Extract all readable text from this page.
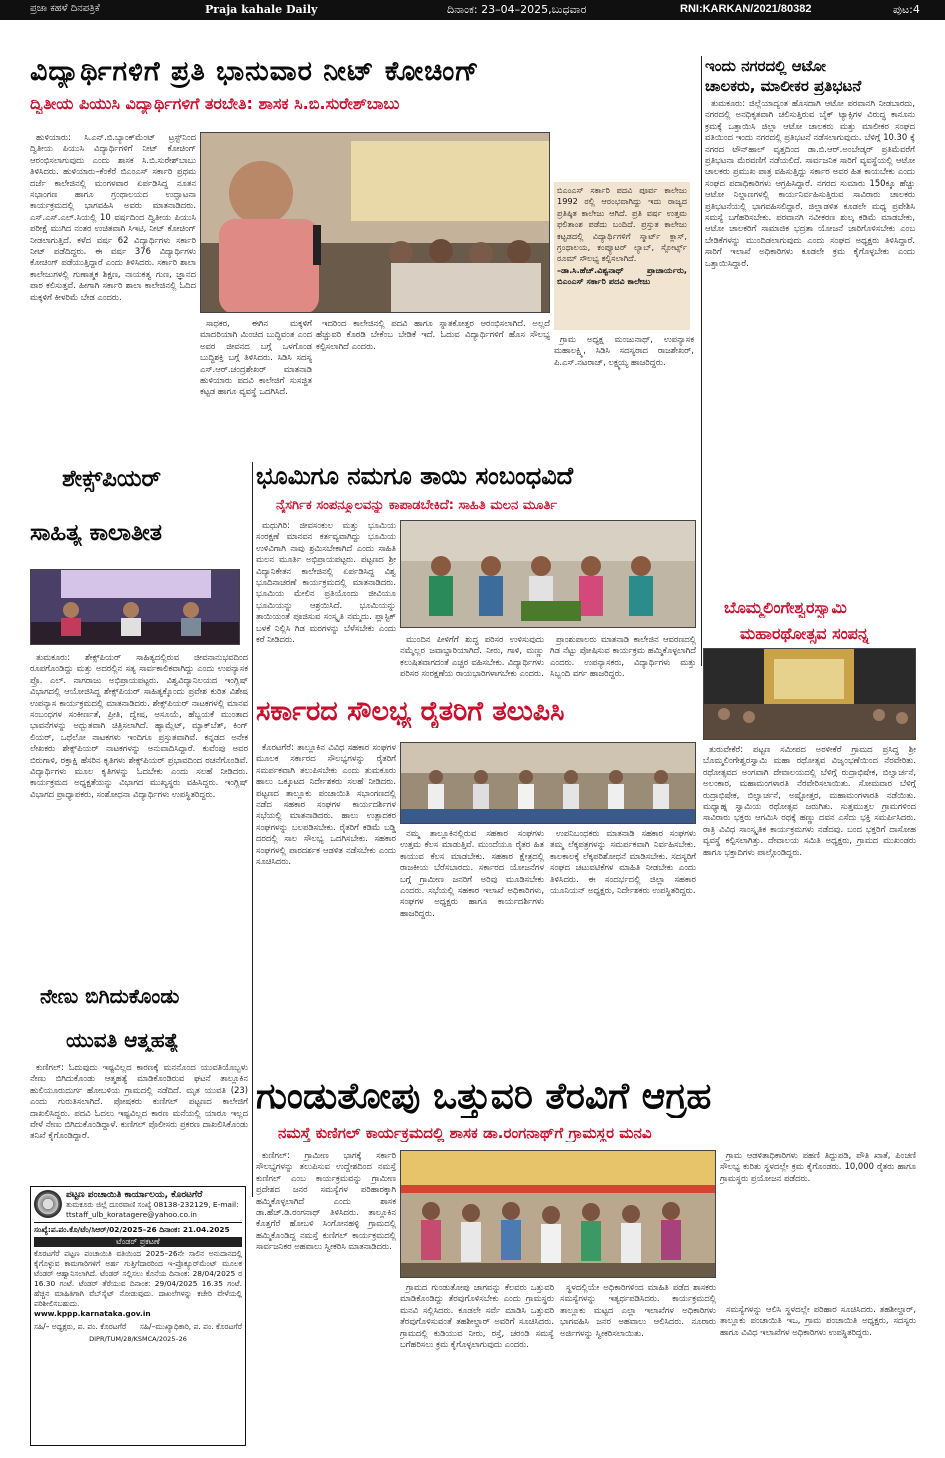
ಪ್ರಜಾ ಕಹಳೆ ದಿನಪತ್ರಿಕೆ	Praja kahale Daily	ದಿನಾಂಕ: 23–04–2025,ಬುಧವಾರ	RNI:KARKAN/2021/80382	ಪುಟ:4
ವಿದ್ಯಾರ್ಥಿಗಳಿಗೆ ಪ್ರತಿ ಭಾನುವಾರ ನೀಟ್ ಕೋಚಿಂಗ್
ದ್ವಿತೀಯ ಪಿಯುಸಿ ವಿದ್ಯಾರ್ಥಿಗಳಿಗೆ ತರಬೇತಿ: ಶಾಸಕ ಸಿ.ಬಿ.ಸುರೇಶ್‌ಬಾಬು

ಹುಳಿಯಾರು: ಸಿ.ಎನ್.ಬಿ.ಬ್ಯಾಂಕ್‌ಮೆಂಟ್ ಟ್ರಸ್ಟ್‌ನಿಂದ ದ್ವಿತೀಯ ಪಿಯುಸಿ ವಿದ್ಯಾರ್ಥಿಗಳಿಗೆ ನೀಟ್ ಕೋಚಿಂಗ್ ಆರಂಭಿಸಲಾಗುವುದು ಎಂದು ಶಾಸಕ ಸಿ.ಬಿ.ಸುರೇಶ್‌ಬಾಬು ತಿಳಿಸಿದರು. ಹುಳಿಯಾರು–ಕೆಂಕೆರೆ ಬಿಎಂಎಸ್ ಸರ್ಕಾರಿ ಪ್ರಥಮ ದರ್ಜೆ ಕಾಲೇಜಿನಲ್ಲಿ ಮಂಗಳವಾರ ಏರ್ಪಡಿಸಿದ್ದ ನೂತನ ಸಭಾಂಗಣ ಹಾಗೂ ಗ್ರಂಥಾಲಯದ ಉದ್ಘಾಟನಾ ಕಾರ್ಯಕ್ರಮದಲ್ಲಿ ಭಾಗವಹಿಸಿ ಅವರು ಮಾತನಾಡಿದರು. ಎಸ್.ಎಸ್.ಎಲ್.ಸಿಯಲ್ಲಿ 10 ವರ್ಷದಿಂದ ದ್ವಿತೀಯ ಪಿಯುಸಿ ಪರೀಕ್ಷೆ ಮುಗಿದ ನಂತರ ಉಚಿತವಾಗಿ ಸಿಇಟಿ, ನೀಟ್ ಕೋಚಿಂಗ್ ನೀಡಲಾಗುತ್ತಿದೆ. ಕಳೆದ ವರ್ಷ 62 ವಿದ್ಯಾರ್ಥಿಗಳು ಸರ್ಕಾರಿ ನೀಟ್ ಪಡೆದಿದ್ದರು. ಈ ವರ್ಷ 376 ವಿದ್ಯಾರ್ಥಿಗಳು ಕೋಚಿಂಗ್ ಪಡೆಯುತ್ತಿದ್ದಾರೆ ಎಂದು ತಿಳಿಸಿದರು. ಸರ್ಕಾರಿ ಶಾಲಾ ಕಾಲೇಜುಗಳಲ್ಲಿ ಗುಣಾತ್ಮಕ ಶಿಕ್ಷಣ, ನಾಯಕತ್ವ ಗುಣ, ಜ್ಞಾನದ ಪಾಠ ಕಲಿಸುತ್ತವೆ. ಹೀಗಾಗಿ ಸರ್ಕಾರಿ ಶಾಲಾ ಕಾಲೇಜಿನಲ್ಲಿ ಓದಿದ ಮಕ್ಕಳಿಗೆ ಕೀಳರಿಮೆ ಬೇಡ ಎಂದರು.

ಸಾಧಕರ, ಈಗಿನ ಮಕ್ಕಳಿಗೆ ಮಾದರಿಯಾಗಿ ಮಿಂಚಿದ ಬುದ್ಧಿವಂತ ಎಂದ ಅವರ ಜೀವನದ ಬಗ್ಗೆ ಒಳಗೊಂಡ ಬುದ್ಧಿಶಕ್ತಿ ಬಗ್ಗೆ ತಿಳಿಸಿದರು. ಸಿಡಿಸಿ ಸದಸ್ಯ ಎಸ್.ಆರ್.ಚಂದ್ರಶೇಖರ್ ಮಾತನಾಡಿ ಹುಳಿಯಾರು ಪದವಿ ಕಾಲೇಜಿಗೆ ಸುಸಜ್ಜಿತ ಕಟ್ಟಡ ಹಾಗೂ ವ್ಯವಸ್ಥೆ ಒದಗಿಸಿದೆ.

ಇದರಿಂದ ಕಾಲೇಜಿನಲ್ಲಿ ಪದವಿ ಹಾಗೂ ಸ್ನಾತಕೋತ್ತರ ಆರಂಭಿಸಲಾಗಿದೆ. ಅಲ್ಲದೆ ಹೆಚ್ಚುವರಿ ಕೊಠಡಿ ಬೇಕೆಂಬ ಬೇಡಿಕೆ ಇದೆ. ಓದುವ ವಿದ್ಯಾರ್ಥಿಗಳಿಗೆ ಹೊಸ ಸೌಲಭ್ಯ ಕಲ್ಪಿಸಲಾಗಿದೆ ಎಂದರು.

ಬಿಎಂಎಸ್ ಸರ್ಕಾರಿ ಪದವಿ ಪೂರ್ವ ಕಾಲೇಜು 1992 ರಲ್ಲಿ ಆರಂಭವಾಗಿದ್ದು ಇದು ರಾಜ್ಯದ ಪ್ರತಿಷ್ಠಿತ ಕಾಲೇಜು ಆಗಿದೆ. ಪ್ರತಿ ವರ್ಷ ಉತ್ತಮ ಫಲಿತಾಂಶ ಪಡೆದು ಬಂದಿದೆ. ಪ್ರಸ್ತುತ ಕಾಲೇಜು ಕಟ್ಟಡದಲ್ಲಿ ವಿದ್ಯಾರ್ಥಿಗಳಿಗೆ ಸ್ಮಾರ್ಟ್ ಕ್ಲಾಸ್, ಗ್ರಂಥಾಲಯ, ಕಂಪ್ಯೂಟರ್ ಲ್ಯಾಬ್, ಸ್ಪೋರ್ಟ್ಸ್ ರೂಮ್ ಸೌಲಭ್ಯ ಕಲ್ಪಿಸಲಾಗಿದೆ.
–ಡಾ.ಸಿ.ಹೆಚ್.ವಿಶ್ವನಾಥ್ ಪ್ರಾಚಾರ್ಯರು, ಬಿಎಂಎಸ್ ಸರ್ಕಾರಿ ಪದವಿ ಕಾಲೇಜು

ಗ್ರಾಮ ಅಧ್ಯಕ್ಷ ಮಂಜುನಾಥ್, ಉಪನ್ಯಾಸಕ ಮಹಾಲಕ್ಷ್ಮಿ, ಸಿಡಿಸಿ ಸದಸ್ಯರಾದ ರಾಜಶೇಖರ್, ಪಿ.ಎಸ್.ನಟರಾಜ್, ಲಕ್ಷ್ಮಯ್ಯ ಹಾಜರಿದ್ದರು.

ಇಂದು ನಗರದಲ್ಲಿ ಆಟೋ
ಚಾಲಕರು, ಮಾಲೀಕರ ಪ್ರತಿಭಟನೆ

ತುಮಕೂರು: ಜಿಲ್ಲೆಯಾದ್ಯಂತ ಹೊಸದಾಗಿ ಆಟೋ ಪರವಾನಗಿ ನೀಡಬಾರದು, ನಗರದಲ್ಲಿ ಅನಧಿಕೃತವಾಗಿ ಚಲಿಸುತ್ತಿರುವ ಬೈಕ್ ಟ್ಯಾಕ್ಸಿಗಳ ವಿರುದ್ಧ ಕಾನೂನು ಕ್ರಮಕ್ಕೆ ಒತ್ತಾಯಿಸಿ ಜಿಲ್ಲಾ ಆಟೋ ಚಾಲಕರು ಮತ್ತು ಮಾಲೀಕರ ಸಂಘದ ವತಿಯಿಂದ ಇಂದು ನಗರದಲ್ಲಿ ಪ್ರತಿಭಟನೆ ನಡೆಸಲಾಗುವುದು. ಬೆಳಿಗ್ಗೆ 10.30 ಕ್ಕೆ ನಗರದ ಟೌನ್‌ಹಾಲ್ ವೃತ್ತದಿಂದ ಡಾ.ಬಿ.ಆರ್.ಅಂಬೇಡ್ಕರ್ ಪ್ರತಿಮೆವರೆಗೆ ಪ್ರತಿಭಟನಾ ಮೆರವಣಿಗೆ ನಡೆಯಲಿದೆ. ಸಾರ್ವಜನಿಕ ಸಾರಿಗೆ ವ್ಯವಸ್ಥೆಯಲ್ಲಿ ಆಟೋ ಚಾಲಕರು ಪ್ರಮುಖ ಪಾತ್ರ ವಹಿಸುತ್ತಿದ್ದು ಸರ್ಕಾರ ಅವರ ಹಿತ ಕಾಯಬೇಕು ಎಂದು ಸಂಘದ ಪದಾಧಿಕಾರಿಗಳು ಆಗ್ರಹಿಸಿದ್ದಾರೆ. ನಗರದ ಸುಮಾರು 150ಕ್ಕೂ ಹೆಚ್ಚು ಆಟೋ ನಿಲ್ದಾಣಗಳಲ್ಲಿ ಕಾರ್ಯನಿರ್ವಹಿಸುತ್ತಿರುವ ಸಾವಿರಾರು ಚಾಲಕರು ಪ್ರತಿಭಟನೆಯಲ್ಲಿ ಭಾಗವಹಿಸಲಿದ್ದಾರೆ. ಜಿಲ್ಲಾಡಳಿತ ಕೂಡಲೇ ಮಧ್ಯ ಪ್ರವೇಶಿಸಿ ಸಮಸ್ಯೆ ಬಗೆಹರಿಸಬೇಕು. ಪರವಾನಗಿ ನವೀಕರಣ ಶುಲ್ಕ ಕಡಿಮೆ ಮಾಡಬೇಕು, ಆಟೋ ಚಾಲಕರಿಗೆ ಸಾಮಾಜಿಕ ಭದ್ರತಾ ಯೋಜನೆ ಜಾರಿಗೊಳಿಸಬೇಕು ಎಂಬ ಬೇಡಿಕೆಗಳನ್ನು ಮುಂದಿಡಲಾಗುವುದು ಎಂದು ಸಂಘದ ಅಧ್ಯಕ್ಷರು ತಿಳಿಸಿದ್ದಾರೆ. ಸಾರಿಗೆ ಇಲಾಖೆ ಅಧಿಕಾರಿಗಳು ಕೂಡಲೇ ಕ್ರಮ ಕೈಗೊಳ್ಳಬೇಕು ಎಂದು ಒತ್ತಾಯಿಸಿದ್ದಾರೆ.

ಶೇಕ್ಸ್‌ಪಿಯರ್
ಸಾಹಿತ್ಯ ಕಾಲಾತೀತ

ತುಮಕೂರು: ಶೇಕ್ಸ್‌ಪಿಯರ್ ಸಾಹಿತ್ಯದಲ್ಲಿರುವ ಜೀವನಾನುಭವದಿಂದ ರೂಪಗೊಂಡಿದ್ದು ಮತ್ತು ಅದರಲ್ಲಿನ ಸತ್ಯ ಸಾರ್ವಕಾಲಿಕವಾಗಿದ್ದು ಎಂದು ಉಪನ್ಯಾಸಕ ಪ್ರೊ. ಎಲ್. ನಾಗರಾಜು ಅಭಿಪ್ರಾಯಪಟ್ಟರು. ವಿಶ್ವವಿದ್ಯಾನಿಲಯದ ಇಂಗ್ಲಿಷ್ ವಿಭಾಗದಲ್ಲಿ ಆಯೋಜಿಸಿದ್ದ ಶೇಕ್ಸ್‌ಪಿಯರ್ ಸಾಹಿತ್ಯಕ್ಕೊಂದು ಪ್ರವೇಶ ಕುರಿತ ವಿಶೇಷ ಉಪನ್ಯಾಸ ಕಾರ್ಯಕ್ರಮದಲ್ಲಿ ಮಾತನಾಡಿದರು. ಶೇಕ್ಸ್‌ಪಿಯರ್ ನಾಟಕಗಳಲ್ಲಿ ಮಾನವ ಸಂಬಂಧಗಳ ಸಂಕೀರ್ಣತೆ, ಪ್ರೀತಿ, ದ್ವೇಷ, ಅಸೂಯೆ, ಹೆಬ್ಬಯಕೆ ಮುಂತಾದ ಭಾವನೆಗಳನ್ನು ಅದ್ಭುತವಾಗಿ ಚಿತ್ರಿಸಲಾಗಿದೆ. ಹ್ಯಾಮ್ಲೆಟ್, ಮ್ಯಾಕ್‌ಬೆತ್, ಕಿಂಗ್ ಲಿಯರ್, ಒಥೆಲೋ ನಾಟಕಗಳು ಇಂದಿಗೂ ಪ್ರಸ್ತುತವಾಗಿವೆ. ಕನ್ನಡದ ಅನೇಕ ಲೇಖಕರು ಶೇಕ್ಸ್‌ಪಿಯರ್ ನಾಟಕಗಳನ್ನು ಅನುವಾದಿಸಿದ್ದಾರೆ. ಕುವೆಂಪು ಅವರ ಬಿರುಗಾಳಿ, ರಕ್ತಾಕ್ಷಿ ಹೆಸರಿನ ಕೃತಿಗಳು ಶೇಕ್ಸ್‌ಪಿಯರ್ ಪ್ರಭಾವದಿಂದ ರಚನೆಗೊಂಡಿವೆ. ವಿದ್ಯಾರ್ಥಿಗಳು ಮೂಲ ಕೃತಿಗಳನ್ನು ಓದಬೇಕು ಎಂದು ಸಲಹೆ ನೀಡಿದರು. ಕಾರ್ಯಕ್ರಮದ ಅಧ್ಯಕ್ಷತೆಯನ್ನು ವಿಭಾಗದ ಮುಖ್ಯಸ್ಥರು ವಹಿಸಿದ್ದರು. ಇಂಗ್ಲಿಷ್ ವಿಭಾಗದ ಪ್ರಾಧ್ಯಾಪಕರು, ಸಂಶೋಧನಾ ವಿದ್ಯಾರ್ಥಿಗಳು ಉಪಸ್ಥಿತರಿದ್ದರು.

ಭೂಮಿಗೂ ನಮಗೂ ತಾಯಿ ಸಂಬಂಧವಿದೆ
ನೈಸರ್ಗಿಕ ಸಂಪನ್ಮೂಲವನ್ನು ಕಾಪಾಡಬೇಕಿದೆ: ಸಾಹಿತಿ ಮಲನ ಮೂರ್ತಿ

ಮಧುಗಿರಿ: ಜೀವಸಂಕುಲ ಮತ್ತು ಭೂಮಿಯ ಸಂರಕ್ಷಣೆ ಮಾನವನ ಕರ್ತವ್ಯವಾಗಿದ್ದು ಭೂಮಿಯ ಉಳಿವಿಗಾಗಿ ನಾವು ಶ್ರಮಿಸಬೇಕಾಗಿದೆ ಎಂದು ಸಾಹಿತಿ ಮಲನ ಮೂರ್ತಿ ಅಭಿಪ್ರಾಯಪಟ್ಟರು. ಪಟ್ಟಣದ ಶ್ರೀ ವಿದ್ಯಾನಿಕೇತನ ಕಾಲೇಜಿನಲ್ಲಿ ಏರ್ಪಡಿಸಿದ್ದ ವಿಶ್ವ ಭೂದಿನಾಚರಣೆ ಕಾರ್ಯಕ್ರಮದಲ್ಲಿ ಮಾತನಾಡಿದರು. ಭೂಮಿಯ ಮೇಲಿನ ಪ್ರತಿಯೊಂದು ಜೀವಿಯೂ ಭೂಮಿಯನ್ನು ಆಶ್ರಯಿಸಿದೆ. ಭೂಮಿಯನ್ನು ತಾಯಿಯಂತೆ ಪೂಜಿಸುವ ಸಂಸ್ಕೃತಿ ನಮ್ಮದು. ಪ್ಲಾಸ್ಟಿಕ್ ಬಳಕೆ ನಿಲ್ಲಿಸಿ ಗಿಡ ಮರಗಳನ್ನು ಬೆಳೆಸಬೇಕು ಎಂದು ಕರೆ ನೀಡಿದರು.	ಮುಂದಿನ ಪೀಳಿಗೆಗೆ ಶುದ್ಧ ಪರಿಸರ ಉಳಿಸುವುದು ನಮ್ಮೆಲ್ಲರ ಜವಾಬ್ದಾರಿಯಾಗಿದೆ. ನೀರು, ಗಾಳಿ, ಮಣ್ಣು ಕಲುಷಿತವಾಗದಂತೆ ಎಚ್ಚರ ವಹಿಸಬೇಕು. ವಿದ್ಯಾರ್ಥಿಗಳು ಪರಿಸರ ಸಂರಕ್ಷಣೆಯ ರಾಯಭಾರಿಗಳಾಗಬೇಕು ಎಂದರು.

ಪ್ರಾಂಶುಪಾಲರು ಮಾತನಾಡಿ ಕಾಲೇಜಿನ ಆವರಣದಲ್ಲಿ ಗಿಡ ನೆಟ್ಟು ಪೋಷಿಸುವ ಕಾರ್ಯಕ್ರಮ ಹಮ್ಮಿಕೊಳ್ಳಲಾಗಿದೆ ಎಂದರು. ಉಪನ್ಯಾಸಕರು, ವಿದ್ಯಾರ್ಥಿಗಳು ಮತ್ತು ಸಿಬ್ಬಂದಿ ವರ್ಗ ಹಾಜರಿದ್ದರು.

ಬೊಮ್ಮಲಿಂಗೇಶ್ವರಸ್ವಾಮಿ
ಮಹಾರಥೋತ್ಸವ ಸಂಪನ್ನ

ತುರುವೇಕೆರೆ: ಪಟ್ಟಣ ಸಮೀಪದ ಅರಳೀಕೆರೆ ಗ್ರಾಮದ ಪ್ರಸಿದ್ಧ ಶ್ರೀ ಬೊಮ್ಮಲಿಂಗೇಶ್ವರಸ್ವಾಮಿ ಮಹಾ ರಥೋತ್ಸವ ವಿಜೃಂಭಣೆಯಿಂದ ನೆರವೇರಿತು. ರಥೋತ್ಸವದ ಅಂಗವಾಗಿ ದೇವಾಲಯದಲ್ಲಿ ಬೆಳಿಗ್ಗೆ ರುದ್ರಾಭಿಷೇಕ, ಬಿಲ್ವಾರ್ಚನೆ, ಅಲಂಕಾರ, ಮಹಾಮಂಗಳಾರತಿ ನೆರವೇರಿಸಲಾಯಿತು. ಸೋಮವಾರ ಬೆಳಿಗ್ಗೆ ರುದ್ರಾಭಿಷೇಕ, ಬಿಲ್ವಾರ್ಚನೆ, ಅಷ್ಟೋತ್ತರ, ಮಹಾಮಂಗಳಾರತಿ ನಡೆಯಿತು. ಮಧ್ಯಾಹ್ನ ಸ್ವಾಮಿಯ ರಥೋತ್ಸವ ಜರುಗಿತು. ಸುತ್ತಮುತ್ತಲ ಗ್ರಾಮಗಳಿಂದ ಸಾವಿರಾರು ಭಕ್ತರು ಆಗಮಿಸಿ ರಥಕ್ಕೆ ಹಣ್ಣು ದವನ ಎಸೆದು ಭಕ್ತಿ ಸಮರ್ಪಿಸಿದರು. ರಾತ್ರಿ ವಿವಿಧ ಸಾಂಸ್ಕೃತಿಕ ಕಾರ್ಯಕ್ರಮಗಳು ನಡೆದವು. ಬಂದ ಭಕ್ತರಿಗೆ ದಾಸೋಹ ವ್ಯವಸ್ಥೆ ಕಲ್ಪಿಸಲಾಗಿತ್ತು. ದೇವಾಲಯ ಸಮಿತಿ ಅಧ್ಯಕ್ಷರು, ಗ್ರಾಮದ ಮುಖಂಡರು ಹಾಗೂ ಭಕ್ತಾದಿಗಳು ಪಾಲ್ಗೊಂಡಿದ್ದರು.

ಸರ್ಕಾರದ ಸೌಲಭ್ಯ ರೈತರಿಗೆ ತಲುಪಿಸಿ

ಕೊರಟಗೆರೆ: ತಾಲ್ಲೂಕಿನ ವಿವಿಧ ಸಹಕಾರ ಸಂಘಗಳ ಮೂಲಕ ಸರ್ಕಾರದ ಸೌಲಭ್ಯಗಳನ್ನು ರೈತರಿಗೆ ಸಮರ್ಪಕವಾಗಿ ತಲುಪಿಸಬೇಕು ಎಂದು ತುಮಕೂರು ಹಾಲು ಒಕ್ಕೂಟದ ನಿರ್ದೇಶಕರು ಸಲಹೆ ನೀಡಿದರು. ಪಟ್ಟಣದ ತಾಲ್ಲೂಕು ಪಂಚಾಯಿತಿ ಸಭಾಂಗಣದಲ್ಲಿ ನಡೆದ ಸಹಕಾರ ಸಂಘಗಳ ಕಾರ್ಯದರ್ಶಿಗಳ ಸಭೆಯಲ್ಲಿ ಮಾತನಾಡಿದರು. ಹಾಲು ಉತ್ಪಾದಕರ ಸಂಘಗಳನ್ನು ಬಲಪಡಿಸಬೇಕು. ರೈತರಿಗೆ ಕಡಿಮೆ ಬಡ್ಡಿ ದರದಲ್ಲಿ ಸಾಲ ಸೌಲಭ್ಯ ಒದಗಿಸಬೇಕು. ಸಹಕಾರ ಸಂಘಗಳಲ್ಲಿ ಪಾರದರ್ಶಕ ಆಡಳಿತ ನಡೆಸಬೇಕು ಎಂದು ಸೂಚಿಸಿದರು.

ನಮ್ಮ ತಾಲ್ಲೂಕಿನಲ್ಲಿರುವ ಸಹಕಾರ ಸಂಘಗಳು ಉತ್ತಮ ಕೆಲಸ ಮಾಡುತ್ತಿವೆ. ಮುಂದೆಯೂ ರೈತರ ಹಿತ ಕಾಯುವ ಕೆಲಸ ಮಾಡಬೇಕು. ಸಹಕಾರ ಕ್ಷೇತ್ರದಲ್ಲಿ ರಾಜಕೀಯ ಬೆರೆಸಬಾರದು. ಸರ್ಕಾರದ ಯೋಜನೆಗಳ ಬಗ್ಗೆ ಗ್ರಾಮೀಣ ಜನರಿಗೆ ಅರಿವು ಮೂಡಿಸಬೇಕು ಎಂದರು. ಸಭೆಯಲ್ಲಿ ಸಹಕಾರ ಇಲಾಖೆ ಅಧಿಕಾರಿಗಳು, ಸಂಘಗಳ ಅಧ್ಯಕ್ಷರು ಹಾಗೂ ಕಾರ್ಯದರ್ಶಿಗಳು ಹಾಜರಿದ್ದರು.

ಉಪನಿಬಂಧಕರು ಮಾತನಾಡಿ ಸಹಕಾರ ಸಂಘಗಳು ತಮ್ಮ ಲೆಕ್ಕಪತ್ರಗಳನ್ನು ಸಮರ್ಪಕವಾಗಿ ನಿರ್ವಹಿಸಬೇಕು. ಕಾಲಕಾಲಕ್ಕೆ ಲೆಕ್ಕಪರಿಶೋಧನೆ ಮಾಡಿಸಬೇಕು. ಸದಸ್ಯರಿಗೆ ಸಂಘದ ಚಟುವಟಿಕೆಗಳ ಮಾಹಿತಿ ನೀಡಬೇಕು ಎಂದು ತಿಳಿಸಿದರು. ಈ ಸಂದರ್ಭದಲ್ಲಿ ಜಿಲ್ಲಾ ಸಹಕಾರ ಯೂನಿಯನ್ ಅಧ್ಯಕ್ಷರು, ನಿರ್ದೇಶಕರು ಉಪಸ್ಥಿತರಿದ್ದರು.

ನೇಣು ಬಿಗಿದುಕೊಂಡು
ಯುವತಿ ಆತ್ಮಹತ್ಯೆ

ಕುಣಿಗಲ್: ಓದುವುದು ಇಷ್ಟವಿಲ್ಲದ ಕಾರಣಕ್ಕೆ ಮನನೊಂದ ಯುವತಿಯೊಬ್ಬಳು ನೇಣು ಬಿಗಿದುಕೊಂಡು ಆತ್ಮಹತ್ಯೆ ಮಾಡಿಕೊಂಡಿರುವ ಘಟನೆ ತಾಲ್ಲೂಕಿನ ಹುಲಿಯೂರುದುರ್ಗ ಹೋಬಳಿಯ ಗ್ರಾಮದಲ್ಲಿ ನಡೆದಿದೆ. ಮೃತ ಯುವತಿ (23) ಎಂದು ಗುರುತಿಸಲಾಗಿದೆ. ಪೋಷಕರು ಕುಣಿಗಲ್ ಪಟ್ಟಣದ ಕಾಲೇಜಿಗೆ ದಾಖಲಿಸಿದ್ದರು. ಪದವಿ ಓದಲು ಇಷ್ಟವಿಲ್ಲದ ಕಾರಣ ಮನೆಯಲ್ಲಿ ಯಾರೂ ಇಲ್ಲದ ವೇಳೆ ನೇಣು ಬಿಗಿದುಕೊಂಡಿದ್ದಾಳೆ. ಕುಣಿಗಲ್ ಪೊಲೀಸರು ಪ್ರಕರಣ ದಾಖಲಿಸಿಕೊಂಡು ತನಿಖೆ ಕೈಗೊಂಡಿದ್ದಾರೆ.

ಗುಂಡುತೋಪು ಒತ್ತುವರಿ ತೆರವಿಗೆ ಆಗ್ರಹ
ನಮಸ್ತೆ ಕುಣಿಗಲ್ ಕಾರ್ಯಕ್ರಮದಲ್ಲಿ ಶಾಸಕ ಡಾ.ರಂಗನಾಥ್‌ಗೆ ಗ್ರಾಮಸ್ಥರ ಮನವಿ

ಕುಣಿಗಲ್: ಗ್ರಾಮೀಣ ಭಾಗಕ್ಕೆ ಸರ್ಕಾರಿ ಸೌಲಭ್ಯಗಳನ್ನು ತಲುಪಿಸುವ ಉದ್ದೇಶದಿಂದ ನಮಸ್ತೆ ಕುಣಿಗಲ್ ಎಂಬ ಕಾರ್ಯಕ್ರಮವನ್ನು ಗ್ರಾಮೀಣ ಪ್ರದೇಶದ ಜನರ ಸಮಸ್ಯೆಗಳ ಪರಿಹಾರಕ್ಕಾಗಿ ಹಮ್ಮಿಕೊಳ್ಳಲಾಗಿದೆ ಎಂದು ಶಾಸಕ ಡಾ.ಹೆಚ್.ಡಿ.ರಂಗನಾಥ್ ತಿಳಿಸಿದರು. ತಾಲ್ಲೂಕಿನ ಕೊತ್ತಗೆರೆ ಹೋಬಳಿ ಸಿಂಗೋನಹಳ್ಳಿ ಗ್ರಾಮದಲ್ಲಿ ಹಮ್ಮಿಕೊಂಡಿದ್ದ ನಮಸ್ತೆ ಕುಣಿಗಲ್ ಕಾರ್ಯಕ್ರಮದಲ್ಲಿ ಸಾರ್ವಜನಿಕರ ಅಹವಾಲು ಸ್ವೀಕರಿಸಿ ಮಾತನಾಡಿದರು.

ಗ್ರಾಮದ ಗುಂಡುತೋಪು ಜಾಗವನ್ನು ಕೆಲವರು ಒತ್ತುವರಿ ಮಾಡಿಕೊಂಡಿದ್ದು ತೆರವುಗೊಳಿಸಬೇಕು ಎಂದು ಗ್ರಾಮಸ್ಥರು ಮನವಿ ಸಲ್ಲಿಸಿದರು. ಕೂಡಲೇ ಸರ್ವೆ ಮಾಡಿಸಿ ಒತ್ತುವರಿ ತೆರವುಗೊಳಿಸುವಂತೆ ತಹಶೀಲ್ದಾರ್ ಅವರಿಗೆ ಸೂಚಿಸಿದರು. ಗ್ರಾಮದಲ್ಲಿ ಕುಡಿಯುವ ನೀರು, ರಸ್ತೆ, ಚರಂಡಿ ಸಮಸ್ಯೆ ಬಗೆಹರಿಸಲು ಕ್ರಮ ಕೈಗೊಳ್ಳಲಾಗುವುದು ಎಂದರು.

ಸ್ಥಳದಲ್ಲಿಯೇ ಅಧಿಕಾರಿಗಳಿಂದ ಮಾಹಿತಿ ಪಡೆದ ಶಾಸಕರು ಸಮಸ್ಯೆಗಳನ್ನು ಇತ್ಯರ್ಥಪಡಿಸಿದರು. ಕಾರ್ಯಕ್ರಮದಲ್ಲಿ ತಾಲ್ಲೂಕು ಮಟ್ಟದ ಎಲ್ಲಾ ಇಲಾಖೆಗಳ ಅಧಿಕಾರಿಗಳು ಭಾಗವಹಿಸಿ ಜನರ ಅಹವಾಲು ಆಲಿಸಿದರು. ನೂರಾರು ಅರ್ಜಿಗಳನ್ನು ಸ್ವೀಕರಿಸಲಾಯಿತು.

ಗ್ರಾಮ ಆಡಳಿತಾಧಿಕಾರಿಗಳು ಪಹಣಿ ತಿದ್ದುಪಡಿ, ಪೌತಿ ಖಾತೆ, ಪಿಂಚಣಿ ಸೌಲಭ್ಯ ಕುರಿತು ಸ್ಥಳದಲ್ಲೇ ಕ್ರಮ ಕೈಗೊಂಡರು. 10,000 ರೈತರು ಹಾಗೂ ಗ್ರಾಮಸ್ಥರು ಪ್ರಯೋಜನ ಪಡೆದರು.

ಸಮಸ್ಯೆಗಳನ್ನು ಆಲಿಸಿ ಸ್ಥಳದಲ್ಲೇ ಪರಿಹಾರ ಸೂಚಿಸಿದರು. ತಹಶೀಲ್ದಾರ್, ತಾಲ್ಲೂಕು ಪಂಚಾಯಿತಿ ಇಒ, ಗ್ರಾಮ ಪಂಚಾಯಿತಿ ಅಧ್ಯಕ್ಷರು, ಸದಸ್ಯರು ಹಾಗೂ ವಿವಿಧ ಇಲಾಖೆಗಳ ಅಧಿಕಾರಿಗಳು ಉಪಸ್ಥಿತರಿದ್ದರು.

ಪಟ್ಟಣ ಪಂಚಾಯಿತಿ ಕಾರ್ಯಾಲಯ, ಕೊರಟಗೆರೆ
ತುಮಕೂರು ಜಿಲ್ಲೆ ದೂರವಾಣಿ ಸಂಖ್ಯೆ 08138-232129, E-mail: ttstaff_ulb_koratagere@yahoo.co.in
ಸಂಖ್ಯೆ:ಪ.ಪಂ.ಕೊ/ಟೆಂ/ಸಿಆರ್/02/2025–26 ದಿನಾಂಕ: 21.04.2025
ಟೆಂಡರ್ ಪ್ರಕಟಣೆ
ಕೊರಟಗೆರೆ ಪಟ್ಟಣ ಪಂಚಾಯಿತಿ ವತಿಯಿಂದ 2025–26ನೇ ಸಾಲಿನ ಅನುದಾನದಲ್ಲಿ ಕೈಗೊಳ್ಳುವ ಕಾಮಗಾರಿಗಳಿಗೆ ಅರ್ಹ ಗುತ್ತಿಗೆದಾರರಿಂದ ಇ-ಪ್ರೊಕ್ಯೂರ್‌ಮೆಂಟ್ ಮೂಲಕ ಟೆಂಡರ್ ಆಹ್ವಾನಿಸಲಾಗಿದೆ. ಟೆಂಡರ್ ಸಲ್ಲಿಸಲು ಕೊನೆಯ ದಿನಾಂಕ: 28/04/2025 ರ 16.30 ಗಂಟೆ. ಟೆಂಡರ್ ತೆರೆಯುವ ದಿನಾಂಕ: 29/04/2025 16.35 ಗಂಟೆ. ಹೆಚ್ಚಿನ ಮಾಹಿತಿಗಾಗಿ ವೆಬ್‌ಸೈಟ್ ನೋಡುವುದು. ದಾಖಲೆಗಳನ್ನು ಕಚೇರಿ ವೇಳೆಯಲ್ಲಿ ಪರಿಶೀಲಿಸಬಹುದು.
www.kppp.karnataka.gov.in
ಸಹಿ/– ಅಧ್ಯಕ್ಷರು, ಪ. ಪಂ. ಕೊರಟಗೆರೆ ಸಹಿ/–ಮುಖ್ಯಾಧಿಕಾರಿ, ಪ. ಪಂ. ಕೊರಟಗೆರೆ
DIPR/TUM/28/KSMCA/2025–26
